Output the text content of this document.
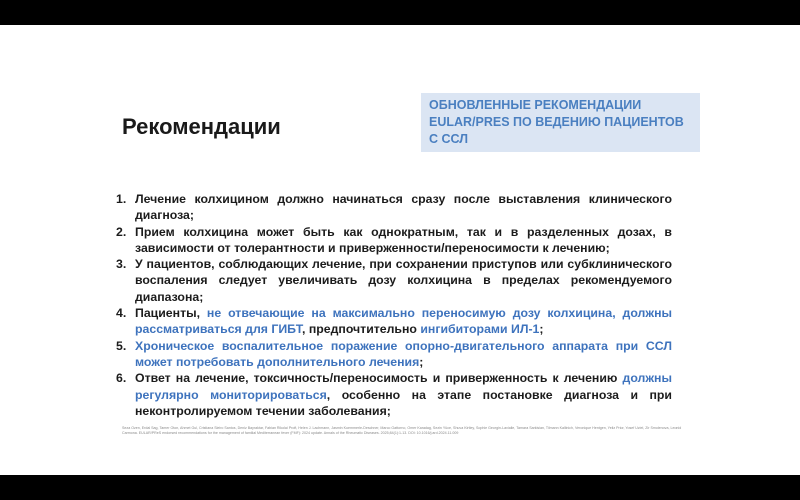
Рекомендации

ОБНОВЛЕННЫЕ РЕКОМЕНДАЦИИ EULAR/PRES ПО ВЕДЕНИЮ ПАЦИЕНТОВ С ССЛ

1. Лечение колхицином должно начинаться сразу после выставления клинического диагноза;
2. Прием колхицина может быть как однократным, так и в разделенных дозах, в зависимости от толерантности и приверженности/переносимости к лечению;
3. У пациентов, соблюдающих лечение, при сохранении приступов или субклинического воспаления следует увеличивать дозу колхицина в пределах рекомендуемого диапазона;
4. Пациенты, не отвечающие на максимально переносимую дозу колхицина, должны рассматриваться для ГИБТ, предпочтительно ингибиторами ИЛ-1;
5. Хроническое воспалительное поражение опорно-двигательного аппарата при ССЛ может потребовать дополнительного лечения;
6. Ответ на лечение, токсичность/переносимость и приверженность к лечению должны регулярно мониторироваться, особенно на этапе постановке диагноза и при неконтролируемом течении заболевания;
Seza Ozen, Erdal Sag, Tamer Oton, Ahmet Gul, Cristiana Sieiro Santos, Deniz Bayraktar, Fabian Rikolai Proft, Helen J. Lachmann, Jasmin Kuemmerle-Deschner, Marco Gattorno, Omer Karadag, Sezin Yüce, Shuva Kirtley, Sophie Georgin-Lavialle, Tamara Sarkisian, Tilmann Kallinich, Veronique Hentgen, Yeliz Prior, Yosef Uziel, Zir Smolenova, Leonid Carmona. EULAR/PReS endorsed recommendations for the management of familial Mediterranean fever (FMF): 2024 update. Annals of the Rheumatic Diseases. 2025;84(1):1-13. DOI: 10.1016/j.ard.2024.11.009
